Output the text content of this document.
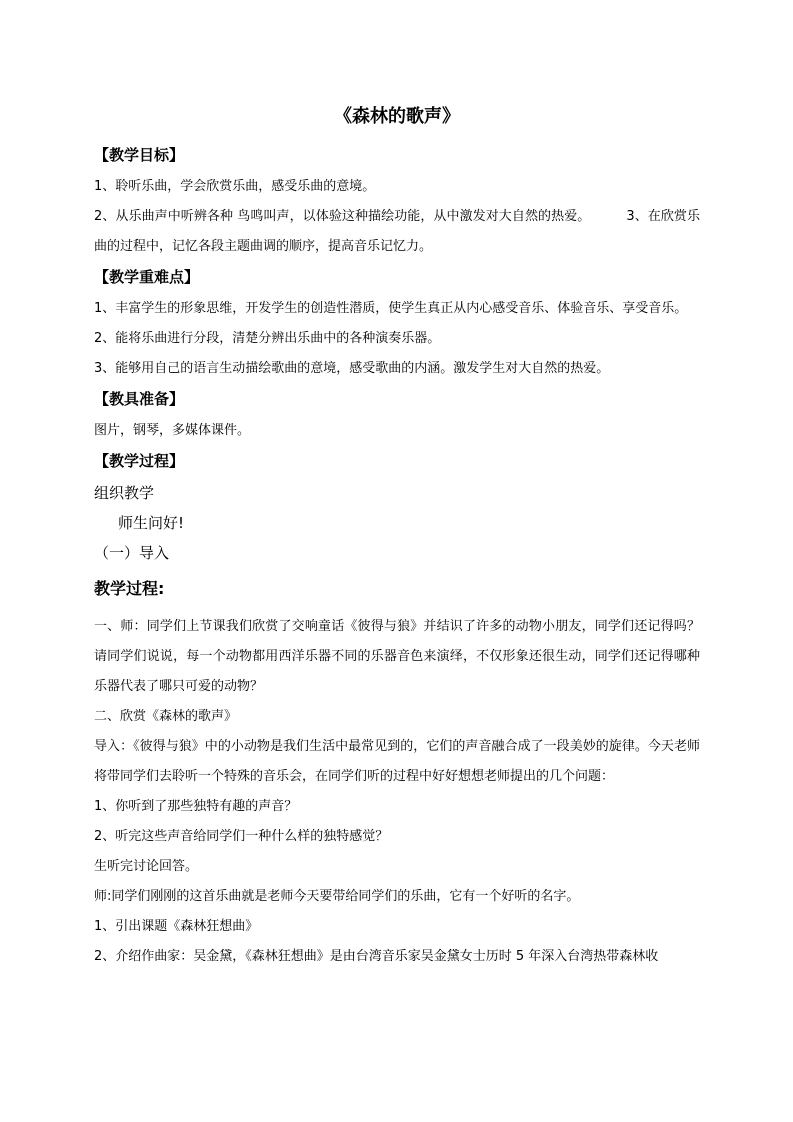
《森林的歌声》
【教学目标】

1、聆听乐曲，学会欣赏乐曲，感受乐曲的意境。

2、从乐曲声中听辨各种 鸟鸣叫声，以体验这种描绘功能，从中激发对大自然的热爱。	3、在欣赏乐曲的过程中，记忆各段主题曲调的顺序，提高音乐记忆力。

【教学重难点】

1、丰富学生的形象思维，开发学生的创造性潜质，使学生真正从内心感受音乐、体验音乐、享受音乐。

2、能将乐曲进行分段，清楚分辨出乐曲中的各种演奏乐器。

3、能够用自己的语言生动描绘歌曲的意境，感受歌曲的内涵。激发学生对大自然的热爱。

【教具准备】

图片，钢琴，多媒体课件。

【教学过程】

组织教学

师生问好!

（一）导入

教学过程:

一、师：同学们上节课我们欣赏了交响童话《彼得与狼》并结识了许多的动物小朋友，同学们还记得吗？请同学们说说，每一个动物都用西洋乐器不同的乐器音色来演绎，不仅形象还很生动，同学们还记得哪种乐器代表了哪只可爱的动物？

二、欣赏《森林的歌声》

导入：《彼得与狼》中的小动物是我们生活中最常见到的，它们的声音融合成了一段美妙的旋律。今天老师将带同学们去聆听一个特殊的音乐会，在同学们听的过程中好好想想老师提出的几个问题：

1、你听到了那些独特有趣的声音？

2、听完这些声音给同学们一种什么样的独特感觉？

生听完讨论回答。

师:同学们刚刚的这首乐曲就是老师今天要带给同学们的乐曲，它有一个好听的名字。

1、引出课题《森林狂想曲》

2、介绍作曲家：吴金黛，《森林狂想曲》是由台湾音乐家吴金黛女士历时 5 年深入台湾热带森林收
